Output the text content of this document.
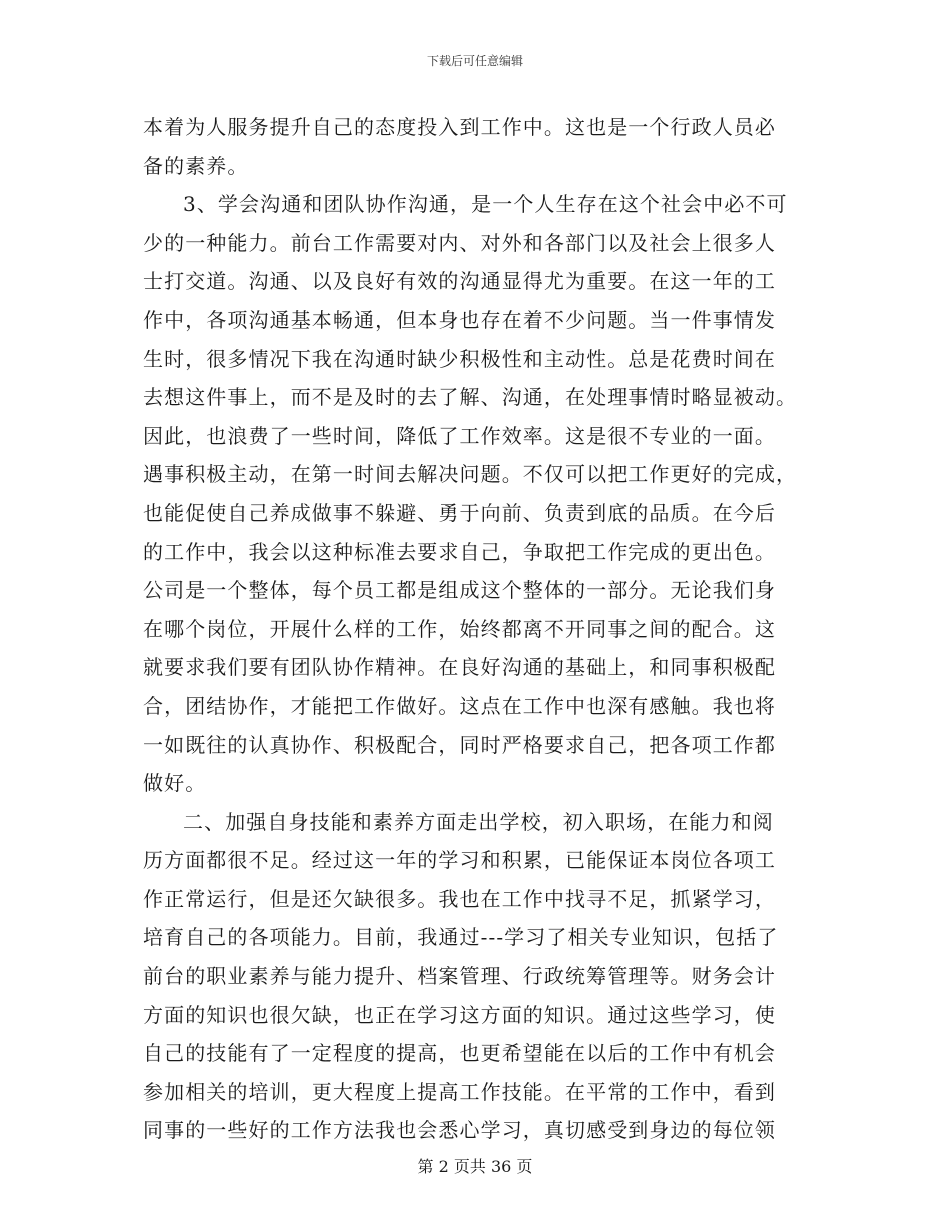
下载后可任意编辑
本着为人服务提升自己的态度投入到工作中。这也是一个行政人员必
备的素养。
3、学会沟通和团队协作沟通，是一个人生存在这个社会中必不可
少的一种能力。前台工作需要对内、对外和各部门以及社会上很多人
士打交道。沟通、以及良好有效的沟通显得尤为重要。在这一年的工
作中，各项沟通基本畅通，但本身也存在着不少问题。当一件事情发
生时，很多情况下我在沟通时缺少积极性和主动性。总是花费时间在
去想这件事上，而不是及时的去了解、沟通，在处理事情时略显被动。
因此，也浪费了一些时间，降低了工作效率。这是很不专业的一面。
遇事积极主动，在第一时间去解决问题。不仅可以把工作更好的完成，
也能促使自己养成做事不躲避、勇于向前、负责到底的品质。在今后
的工作中，我会以这种标准去要求自己，争取把工作完成的更出色。
公司是一个整体，每个员工都是组成这个整体的一部分。无论我们身
在哪个岗位，开展什么样的工作，始终都离不开同事之间的配合。这
就要求我们要有团队协作精神。在良好沟通的基础上，和同事积极配
合，团结协作，才能把工作做好。这点在工作中也深有感触。我也将
一如既往的认真协作、积极配合，同时严格要求自己，把各项工作都
做好。
二、加强自身技能和素养方面走出学校，初入职场，在能力和阅
历方面都很不足。经过这一年的学习和积累，已能保证本岗位各项工
作正常运行，但是还欠缺很多。我也在工作中找寻不足，抓紧学习，
培育自己的各项能力。目前，我通过---学习了相关专业知识，包括了
前台的职业素养与能力提升、档案管理、行政统筹管理等。财务会计
方面的知识也很欠缺，也正在学习这方面的知识。通过这些学习，使
自己的技能有了一定程度的提高，也更希望能在以后的工作中有机会
参加相关的培训，更大程度上提高工作技能。在平常的工作中，看到
同事的一些好的工作方法我也会悉心学习，真切感受到身边的每位领
第 2 页共 36 页
